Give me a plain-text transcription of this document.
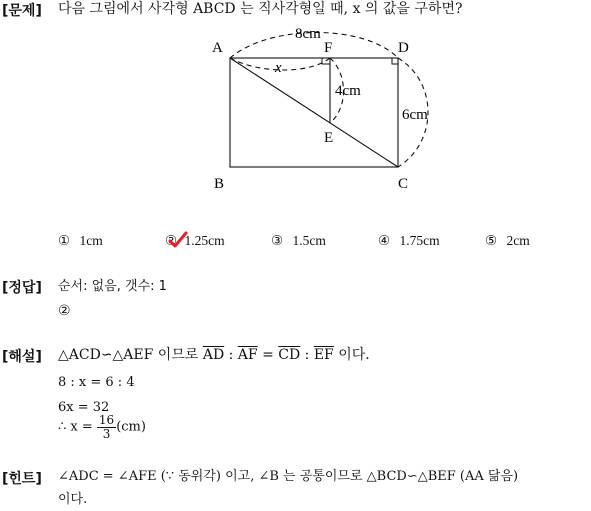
[문제] 다음 그림에서 사각형 ABCD 는 직사각형일 때, x 의 값을 구하면?
A	F	D
E
B	C
8cm
x
4cm
6cm
① 1cm	② 1.25cm	③ 1.5cm	④ 1.75cm	⑤ 2cm
[정답] 순서: 없음, 갯수: 1
②
[해설] △ACD∽△AEF 이므로 $\overline{AD}$ : $\overline{AF} = \overline{CD}$ : $\overline{EF}$ 이다.
8 : x = 6 : 4
6x = 32
∴ $x = \frac{16}{3} (cm)$
[힌트] ∠ADC = ∠AFE (∵ 동위각) 이고, ∠B 는 공통이므로 △BCD∽△BEF (AA 닮음)
이다.
